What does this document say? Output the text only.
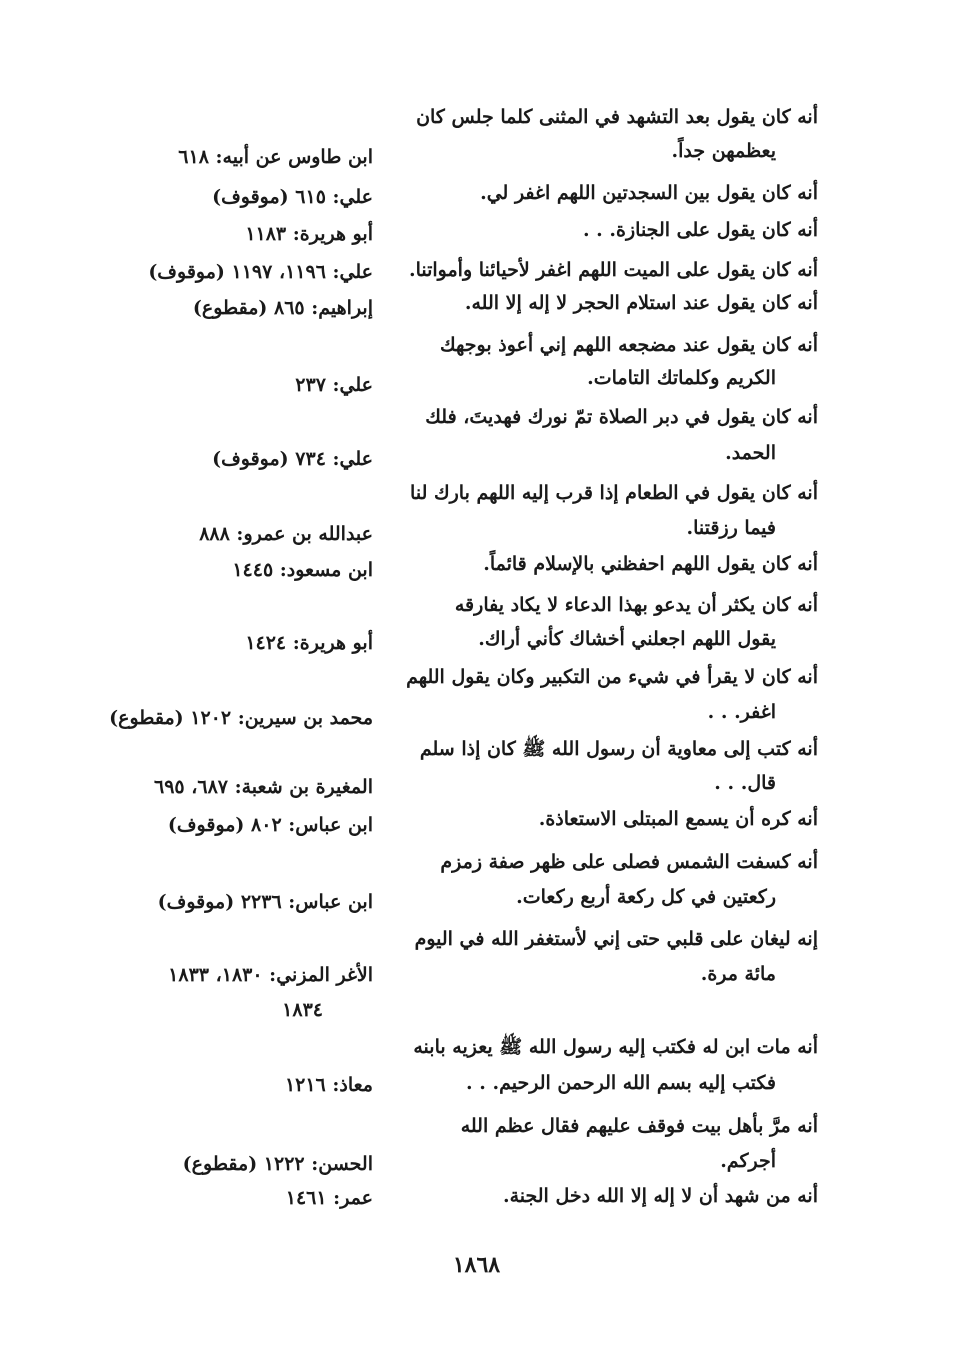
أنه كان يقول بعد التشهد في المثنى كلما جلس كان
يعظمهن جداً.
ابن طاوس عن أبيه: ٦١٨
أنه كان يقول بين السجدتين اللهم اغفر لي.
علي: ٦١٥ (موقوف)
أنه كان يقول على الجنازة. . .
أبو هريرة: ١١٨٣
أنه كان يقول على الميت اللهم اغفر لأحيائنا وأمواتنا.
علي: ١١٩٦، ١١٩٧ (موقوف)
أنه كان يقول عند استلام الحجر لا إله إلا الله.
إبراهيم: ٨٦٥ (مقطوع)
أنه كان يقول عند مضجعه اللهم إني أعوذ بوجهك
الكريم وكلماتك التامات.
علي: ٢٣٧
أنه كان يقول في دبر الصلاة تمّ نورك فهديتَ، فلك
الحمد.
علي: ٧٣٤ (موقوف)
أنه كان يقول في الطعام إذا قرب إليه اللهم بارك لنا
فيما رزقتنا.
عبدالله بن عمرو: ٨٨٨
أنه كان يقول اللهم احفظني بالإسلام قائماً.
ابن مسعود: ١٤٤٥
أنه كان يكثر أن يدعو بهذا الدعاء لا يكاد يفارقه
يقول اللهم اجعلني أخشاك كأني أراك.
أبو هريرة: ١٤٢٤
أنه كان لا يقرأ في شيء من التكبير وكان يقول اللهم
اغفر. . .
محمد بن سيرين: ١٢٠٢ (مقطوع)
أنه كتب إلى معاوية أن رسول الله ﷺ كان إذا سلم
قال. . .
المغيرة بن شعبة: ٦٨٧، ٦٩٥
أنه كره أن يسمع المبتلى الاستعاذة.
ابن عباس: ٨٠٢ (موقوف)
أنه كسفت الشمس فصلى على ظهر صفة زمزم
ركعتين في كل ركعة أربع ركعات.
ابن عباس: ٢٢٣٦ (موقوف)
إنه ليغان على قلبي حتى إني لأستغفر الله في اليوم
مائة مرة.
الأغر المزني: ١٨٣٠، ١٨٣٣
١٨٣٤
أنه مات ابن له فكتب إليه رسول الله ﷺ يعزيه بابنه
فكتب إليه بسم الله الرحمن الرحيم. . .
معاذ: ١٢١٦
أنه مرَّ بأهل بيت فوقف عليهم فقال عظم الله
أجركم.
الحسن: ١٢٢٢ (مقطوع)
أنه من شهد أن لا إله إلا الله دخل الجنة.
عمر: ١٤٦١
١٨٦٨
